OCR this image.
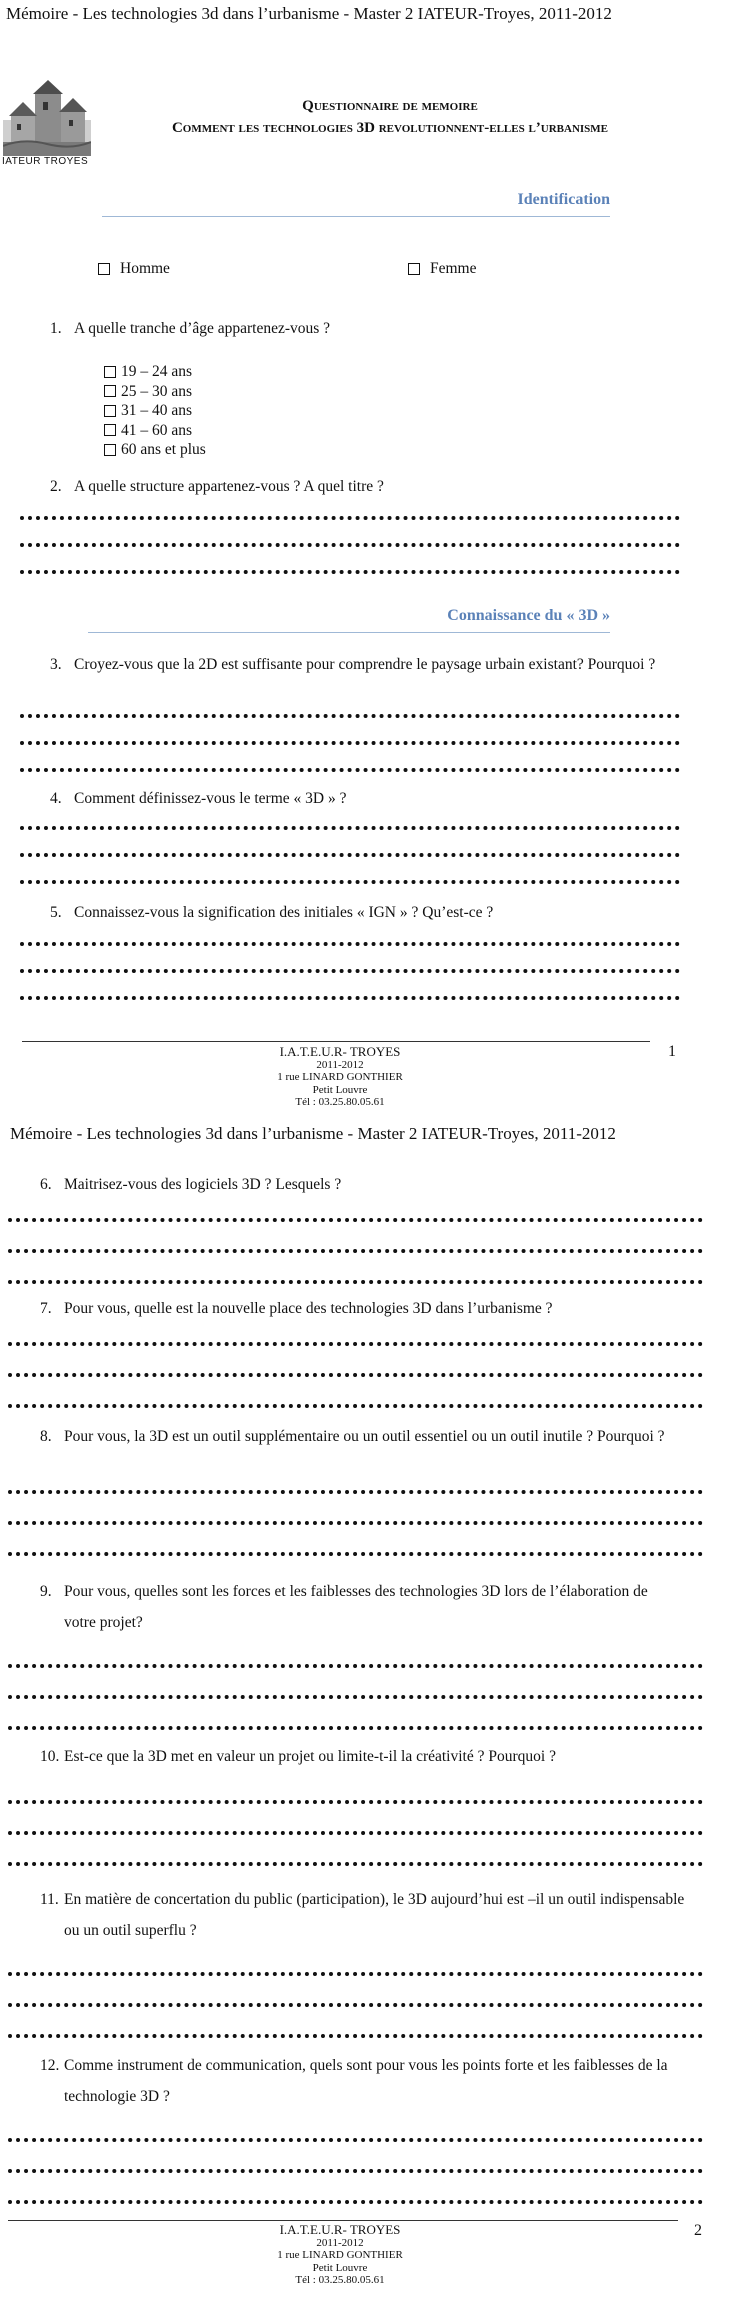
Mémoire - Les technologies 3d dans l’urbanisme - Master 2 IATEUR-Troyes, 2011-2012
IATEUR TROYES
Questionnaire de memoire
Comment les technologies 3D revolutionnent-elles l’urbanisme
Identification
Homme	Femme
1. A quelle tranche d’âge appartenez-vous ?
19 – 24 ans
25 – 30 ans
31 – 40 ans
41 – 60 ans
60 ans et plus
2. A quelle structure appartenez-vous ? A quel titre ?
Connaissance du « 3D »
3. Croyez-vous que la 2D est suffisante pour comprendre le paysage urbain existant? Pourquoi ?
4. Comment définissez-vous le terme « 3D » ?
5. Connaissez-vous la signification des initiales « IGN » ? Qu’est-ce ?
I.A.T.E.U.R- TROYES
2011-2012
1 rue LINARD GONTHIER
Petit Louvre
Tél : 03.25.80.05.61
1
Mémoire - Les technologies 3d dans l’urbanisme - Master 2 IATEUR-Troyes, 2011-2012
6. Maitrisez-vous des logiciels 3D ? Lesquels ?
7. Pour vous, quelle est la nouvelle place des technologies 3D dans l’urbanisme ?
8. Pour vous, la 3D est un outil supplémentaire ou un outil essentiel ou un outil inutile ? Pourquoi ?
9. Pour vous, quelles sont les forces et les faiblesses des technologies 3D lors de l’élaboration de votre projet?
10. Est-ce que la 3D met en valeur un projet ou limite-t-il la créativité ? Pourquoi ?
11. En matière de concertation du public (participation), le 3D aujourd’hui est –il un outil indispensable ou un outil superflu ?
12. Comme instrument de communication, quels sont pour vous les points forte et les faiblesses de la technologie 3D ?
I.A.T.E.U.R- TROYES
2011-2012
1 rue LINARD GONTHIER
Petit Louvre
Tél : 03.25.80.05.61
2
